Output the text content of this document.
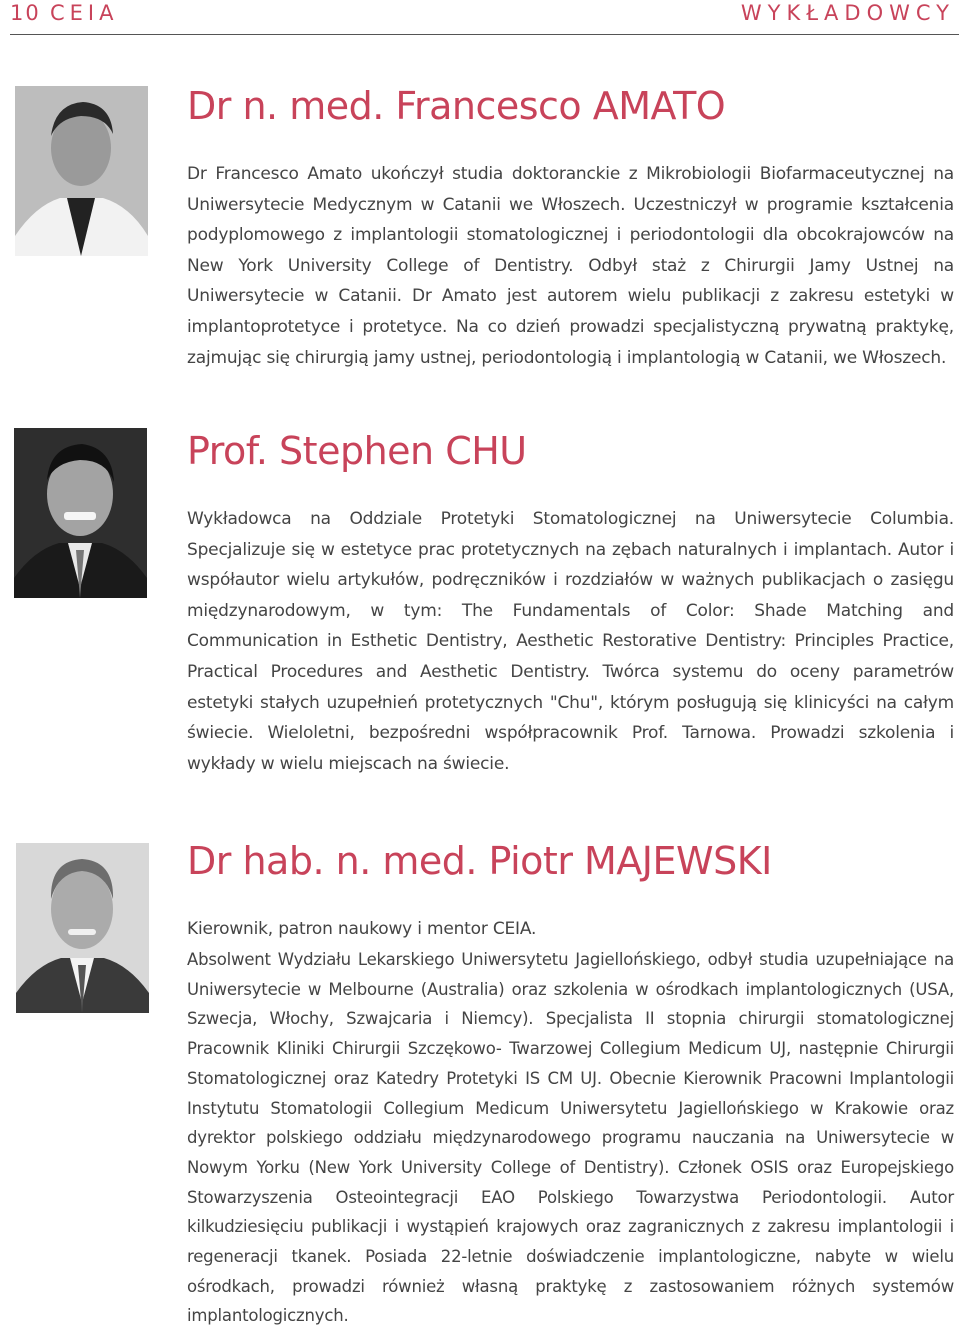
10 CEIA	WYKŁADOWCY
Dr n. med. Francesco AMATO

Dr Francesco Amato ukończył studia doktoranckie z Mikrobiologii Biofarmaceutycznej na Uniwersytecie Medycznym w Catanii we Włoszech. Uczestniczył w programie kształcenia podyplomowego z implantologii stomatologicznej i periodontologii dla obcokrajowców na New York University College of Dentistry. Odbył staż z Chirurgii Jamy Ustnej na Uniwersytecie w Catanii. Dr Amato jest autorem wielu publikacji z zakresu estetyki w implantoprotetyce i protetyce. Na co dzień prowadzi specjalistyczną prywatną praktykę, zajmując się chirurgią jamy ustnej, periodontologią i implantologią w Catanii, we Włoszech.

Prof. Stephen CHU

Wykładowca na Oddziale Protetyki Stomatologicznej na Uniwersytecie Columbia. Specjalizuje się w estetyce prac protetycznych na zębach naturalnych i implantach. Autor i współautor wielu artykułów, podręczników i rozdziałów w ważnych publikacjach o zasięgu międzynarodowym, w tym: The Fundamentals of Color: Shade Matching and Communication in Esthetic Dentistry, Aesthetic Restorative Dentistry: Principles Practice, Practical Procedures and Aesthetic Dentistry. Twórca systemu do oceny parametrów estetyki stałych uzupełnień protetycznych "Chu", którym posługują się klinicyści na całym świecie. Wieloletni, bezpośredni współpracownik Prof. Tarnowa. Prowadzi szkolenia i wykłady w wielu miejscach na świecie.

Dr hab. n. med. Piotr MAJEWSKI

Kierownik, patron naukowy i mentor CEIA.

Absolwent Wydziału Lekarskiego Uniwersytetu Jagiellońskiego, odbył studia uzupełniające na Uniwersytecie w Melbourne (Australia) oraz szkolenia w ośrodkach implantologicznych (USA, Szwecja, Włochy, Szwajcaria i Niemcy). Specjalista II stopnia chirurgii stomatologicznej Pracownik Kliniki Chirurgii Szczękowo- Twarzowej Collegium Medicum UJ, następnie Chirurgii Stomatologicznej oraz Katedry Protetyki IS CM UJ. Obecnie Kierownik Pracowni Implantologii Instytutu Stomatologii Collegium Medicum Uniwersytetu Jagiellońskiego w Krakowie oraz dyrektor polskiego oddziału międzynarodowego programu nauczania na Uniwersytecie w Nowym Yorku (New York University College of Dentistry). Członek OSIS oraz Europejskiego Stowarzyszenia Osteointegracji EAO Polskiego Towarzystwa Periodontologii. Autor kilkudziesięciu publikacji i wystąpień krajowych oraz zagranicznych z zakresu implantologii i regeneracji tkanek. Posiada 22-letnie doświadczenie implantologiczne, nabyte w wielu ośrodkach, prowadzi również własną praktykę z zastosowaniem różnych systemów implantologicznych.
